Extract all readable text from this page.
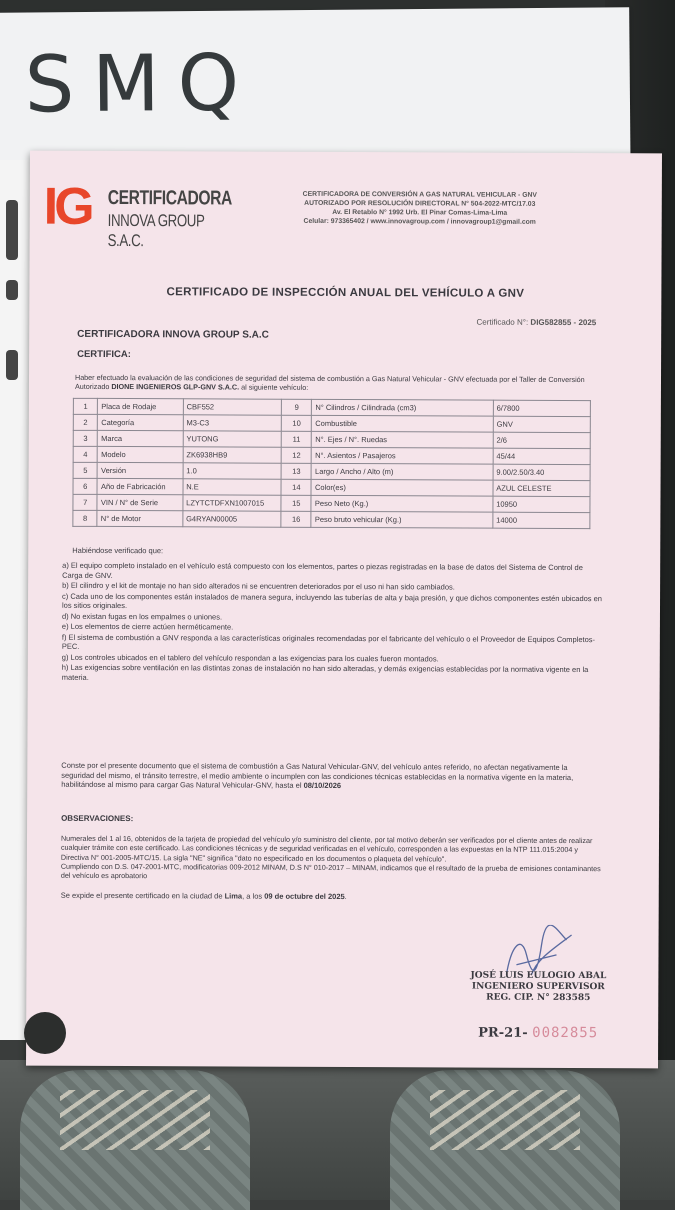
SMQ
IG CERTIFICADORA
INNOVA GROUP S.A.C.
CERTIFICADORA DE CONVERSIÓN A GAS NATURAL VEHICULAR - GNV
AUTORIZADO POR RESOLUCIÓN DIRECTORAL N° 504-2022-MTC/17.03
Av. El Retablo N° 1992 Urb. El Pinar Comas-Lima-Lima
Celular: 973365402 / www.innovagroup.com / innovagroup1@gmail.com
CERTIFICADO DE INSPECCIÓN ANUAL DEL VEHÍCULO A GNV
Certificado N°: DIG582855 - 2025
CERTIFICADORA INNOVA GROUP S.A.C
CERTIFICA:
Haber efectuado la evaluación de las condiciones de seguridad del sistema de combustión a Gas Natural Vehicular - GNV efectuada por el Taller de Conversión Autorizado DIONE INGENIEROS GLP-GNV S.A.C. al siguiente vehículo:
1	Placa de Rodaje	CBF552	9	N° Cilindros / Cilindrada (cm3)	6/7800
2	Categoría	M3-C3	10	Combustible	GNV
3	Marca	YUTONG	11	N°. Ejes / N°. Ruedas	2/6
4	Modelo	ZK6938HB9	12	N°. Asientos / Pasajeros	45/44
5	Versión	1.0	13	Largo / Ancho / Alto (m)	9.00/2.50/3.40
6	Año de Fabricación	N.E	14	Color(es)	AZUL CELESTE
7	VIN / N° de Serie	LZYTCTDFXN1007015	15	Peso Neto (Kg.)	10950
8	N° de Motor	G4RYAN00005	16	Peso bruto vehicular (Kg.)	14000
Habiéndose verificado que:
a) El equipo completo instalado en el vehículo está compuesto con los elementos, partes o piezas registradas en la base de datos del Sistema de Control de Carga de GNV.
b) El cilindro y el kit de montaje no han sido alterados ni se encuentren deteriorados por el uso ni han sido cambiados.
c) Cada uno de los componentes están instalados de manera segura, incluyendo las tuberías de alta y baja presión, y que dichos componentes estén ubicados en los sitios originales.
d) No existan fugas en los empalmes o uniones.
e) Los elementos de cierre actúen herméticamente.
f) El sistema de combustión a GNV responda a las características originales recomendadas por el fabricante del vehículo o el Proveedor de Equipos Completos-PEC.
g) Los controles ubicados en el tablero del vehículo respondan a las exigencias para los cuales fueron montados.
h) Las exigencias sobre ventilación en las distintas zonas de instalación no han sido alteradas, y demás exigencias establecidas por la normativa vigente en la materia.
Conste por el presente documento que el sistema de combustión a Gas Natural Vehicular-GNV, del vehículo antes referido, no afectan negativamente la seguridad del mismo, el tránsito terrestre, el medio ambiente o incumplen con las condiciones técnicas establecidas en la normativa vigente en la materia, habilitándose al mismo para cargar Gas Natural Vehicular-GNV, hasta el 08/10/2026
OBSERVACIONES:
Numerales del 1 al 16, obtenidos de la tarjeta de propiedad del vehículo y/o suministro del cliente, por tal motivo deberán ser verificados por el cliente antes de realizar cualquier trámite con este certificado. Las condiciones técnicas y de seguridad verificadas en el vehículo, corresponden a las expuestas en la NTP 111.015:2004 y Directiva N° 001-2005-MTC/15. La sigla "NE" significa "dato no especificado en los documentos o plaqueta del vehículo".
Cumpliendo con D.S. 047-2001-MTC, modificatorias 009-2012 MINAM, D.S N° 010-2017 – MINAM, indicamos que el resultado de la prueba de emisiones contaminantes del vehículo es aprobatorio
Se expide el presente certificado en la ciudad de Lima, a los 09 de octubre del 2025.
JOSÉ LUIS EULOGIO ABAL
INGENIERO SUPERVISOR
REG. CIP. N° 283585
PR-21- 0082855
